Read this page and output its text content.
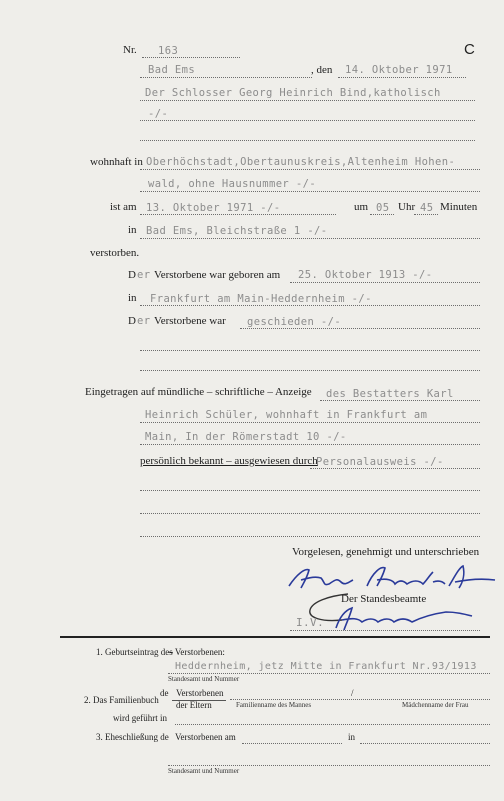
Nr. 163	C
Bad Ems	, den 14. Oktober 1971
Der Schlosser Georg Heinrich Bind,katholisch
-/-
wohnhaft in Oberhöchstadt,Obertaunuskreis,Altenheim Hohen-
wald, ohne Hausnummer -/-
ist am 13. Oktober 1971 -/-	um 05 Uhr 45 Minuten
in Bad Ems, Bleichstraße 1 -/-
verstorben.
D er Verstorbene war geboren am 25. Oktober 1913 -/-
in Frankfurt am Main-Heddernheim -/-
D er Verstorbene war geschieden -/-
Eingetragen auf mündliche – schriftliche – Anzeige des Bestatters Karl
Heinrich Schüler, wohnhaft in Frankfurt am
Main, In der Römerstadt 10 -/-
persönlich bekannt – ausgewiesen durch
Personalausweis -/-
Vorgelesen, genehmigt und unterschrieben
Der Standesbeamte
I.V.
1. Geburtseintrag des Verstorbenen:
Heddernheim, jetz Mitte in Frankfurt Nr.93/1913
Standesamt und Nummer
de Verstorbenen	/
2. Das Familienbuch der Eltern	Familienname des Mannes	Mädchenname der Frau
wird geführt in
3. Eheschließung de Verstorbenen am	in
Standesamt und Nummer
